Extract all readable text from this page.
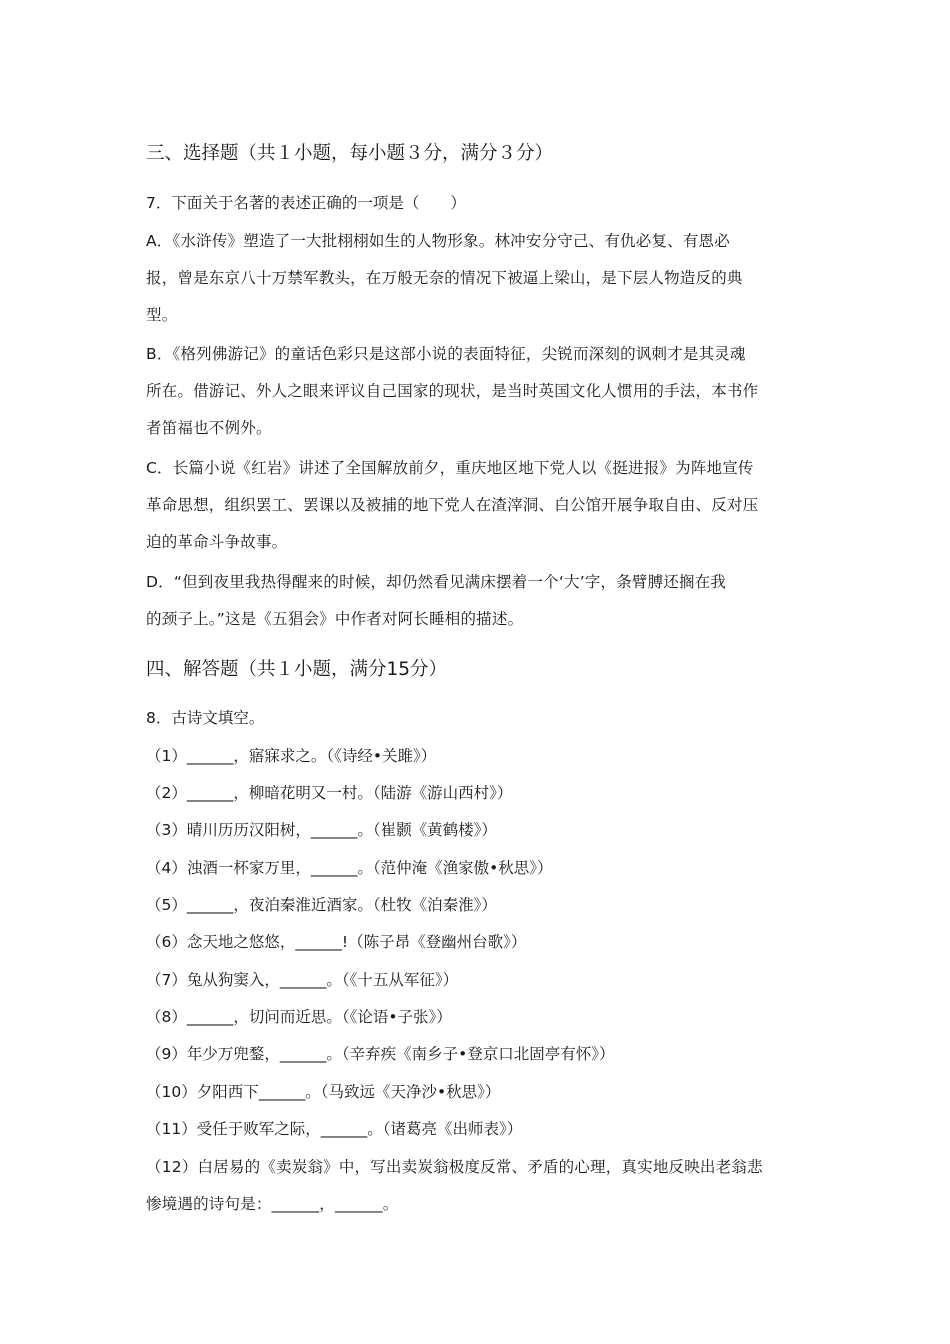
三、选择题（共１小题，每小题３分，满分３分）
7．下面关于名著的表述正确的一项是（　　）
A．《水浒传》塑造了一大批栩栩如生的人物形象。林冲安分守己、有仇必复、有恩必
报，曾是东京八十万禁军教头，在万般无奈的情况下被逼上梁山，是下层人物造反的典
型。
B．《格列佛游记》的童话色彩只是这部小说的表面特征，尖锐而深刻的讽刺才是其灵魂
所在。借游记、外人之眼来评议自己国家的现状，是当时英国文化人惯用的手法，本书作
者笛福也不例外。
C．长篇小说《红岩》讲述了全国解放前夕，重庆地区地下党人以《挺进报》为阵地宣传
革命思想，组织罢工、罢课以及被捕的地下党人在渣滓洞、白公馆开展争取自由、反对压
迫的革命斗争故事。
D．“但到夜里我热得醒来的时候，却仍然看见满床摆着一个‘大’字，条臂膊还搁在我
的颈子上。”这是《五猖会》中作者对阿长睡相的描述。
四、解答题（共１小题，满分15分）
8．古诗文填空。
（1）______，寤寐求之。（《诗经•关雎》）
（2）______，柳暗花明又一村。（陆游《游山西村》）
（3）晴川历历汉阳树，______。（崔颢《黄鹤楼》）
（4）浊酒一杯家万里，______。（范仲淹《渔家傲•秋思》）
（5）______，夜泊秦淮近酒家。（杜牧《泊秦淮》）
（6）念天地之悠悠，______!（陈子昂《登幽州台歌》）
（7）兔从狗窦入，______。（《十五从军征》）
（8）______，切问而近思。（《论语•子张》）
（9）年少万兜鍪，______。（辛弃疾《南乡子•登京口北固亭有怀》）
（10）夕阳西下______。（马致远《天净沙•秋思》）
（11）受任于败军之际，______。（诸葛亮《出师表》）
（12）白居易的《卖炭翁》中，写出卖炭翁极度反常、矛盾的心理，真实地反映出老翁悲
惨境遇的诗句是：______，______。
